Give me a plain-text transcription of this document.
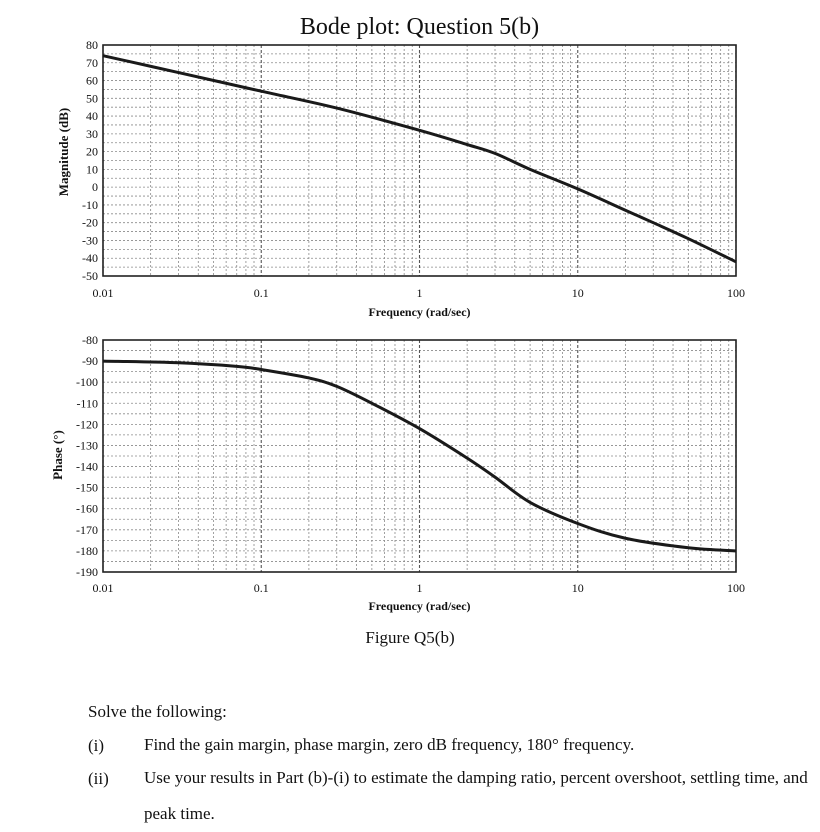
80
70
60
50
40
30
20
10
0
-10
-20
-30
-40
-50
0.01	0.1	1	10	100
Frequency (rad/sec)
Magnitude (dB)
Bode plot: Question 5(b)
-80
-90
-100
-110
-120
-130
-140
-150
-160
-170
-180
-190
0.01	0.1	1	10	100
Frequency (rad/sec)
Phase (°)
Figure Q5(b)
Solve the following:
(i)	Find the gain margin, phase margin, zero dB frequency, 180° frequency.
(ii)	Use your results in Part (b)-(i) to estimate the damping ratio, percent overshoot, settling time, and peak time.
